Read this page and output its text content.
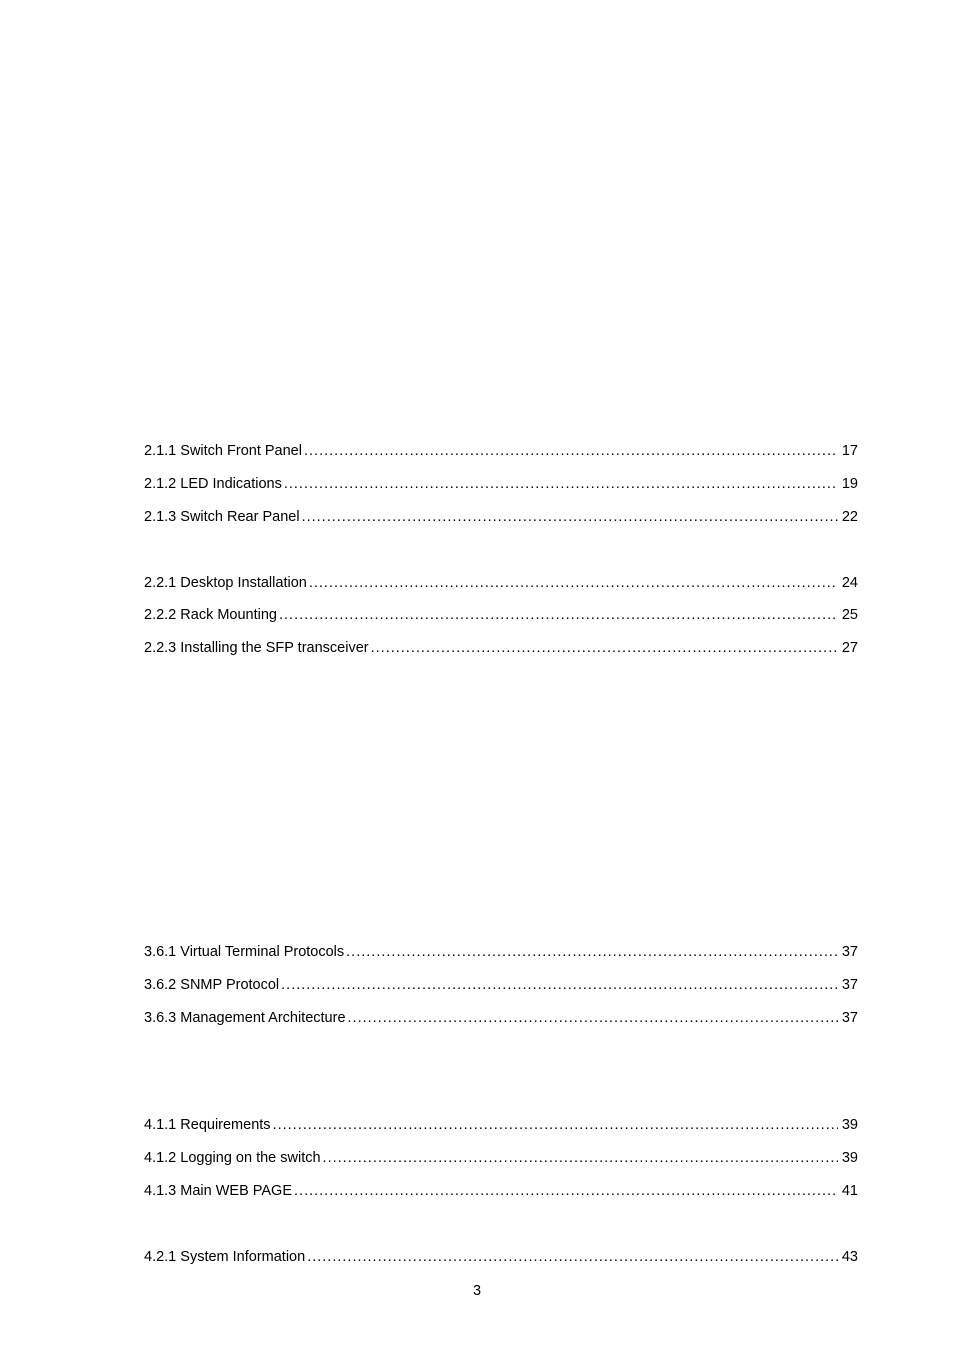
2.1.1 Switch Front Panel .....	17
2.1.2 LED Indications .....	19
2.1.3 Switch Rear Panel .....	22
2.2.1 Desktop Installation .....	24
2.2.2 Rack Mounting .....	25
2.2.3 Installing the SFP transceiver .....	27
3.6.1 Virtual Terminal Protocols .....	37
3.6.2 SNMP Protocol .....	37
3.6.3 Management Architecture .....	37
4.1.1 Requirements .....	39
4.1.2 Logging on the switch .....	39
4.1.3 Main WEB PAGE .....	41
4.2.1 System Information .....	43
3
